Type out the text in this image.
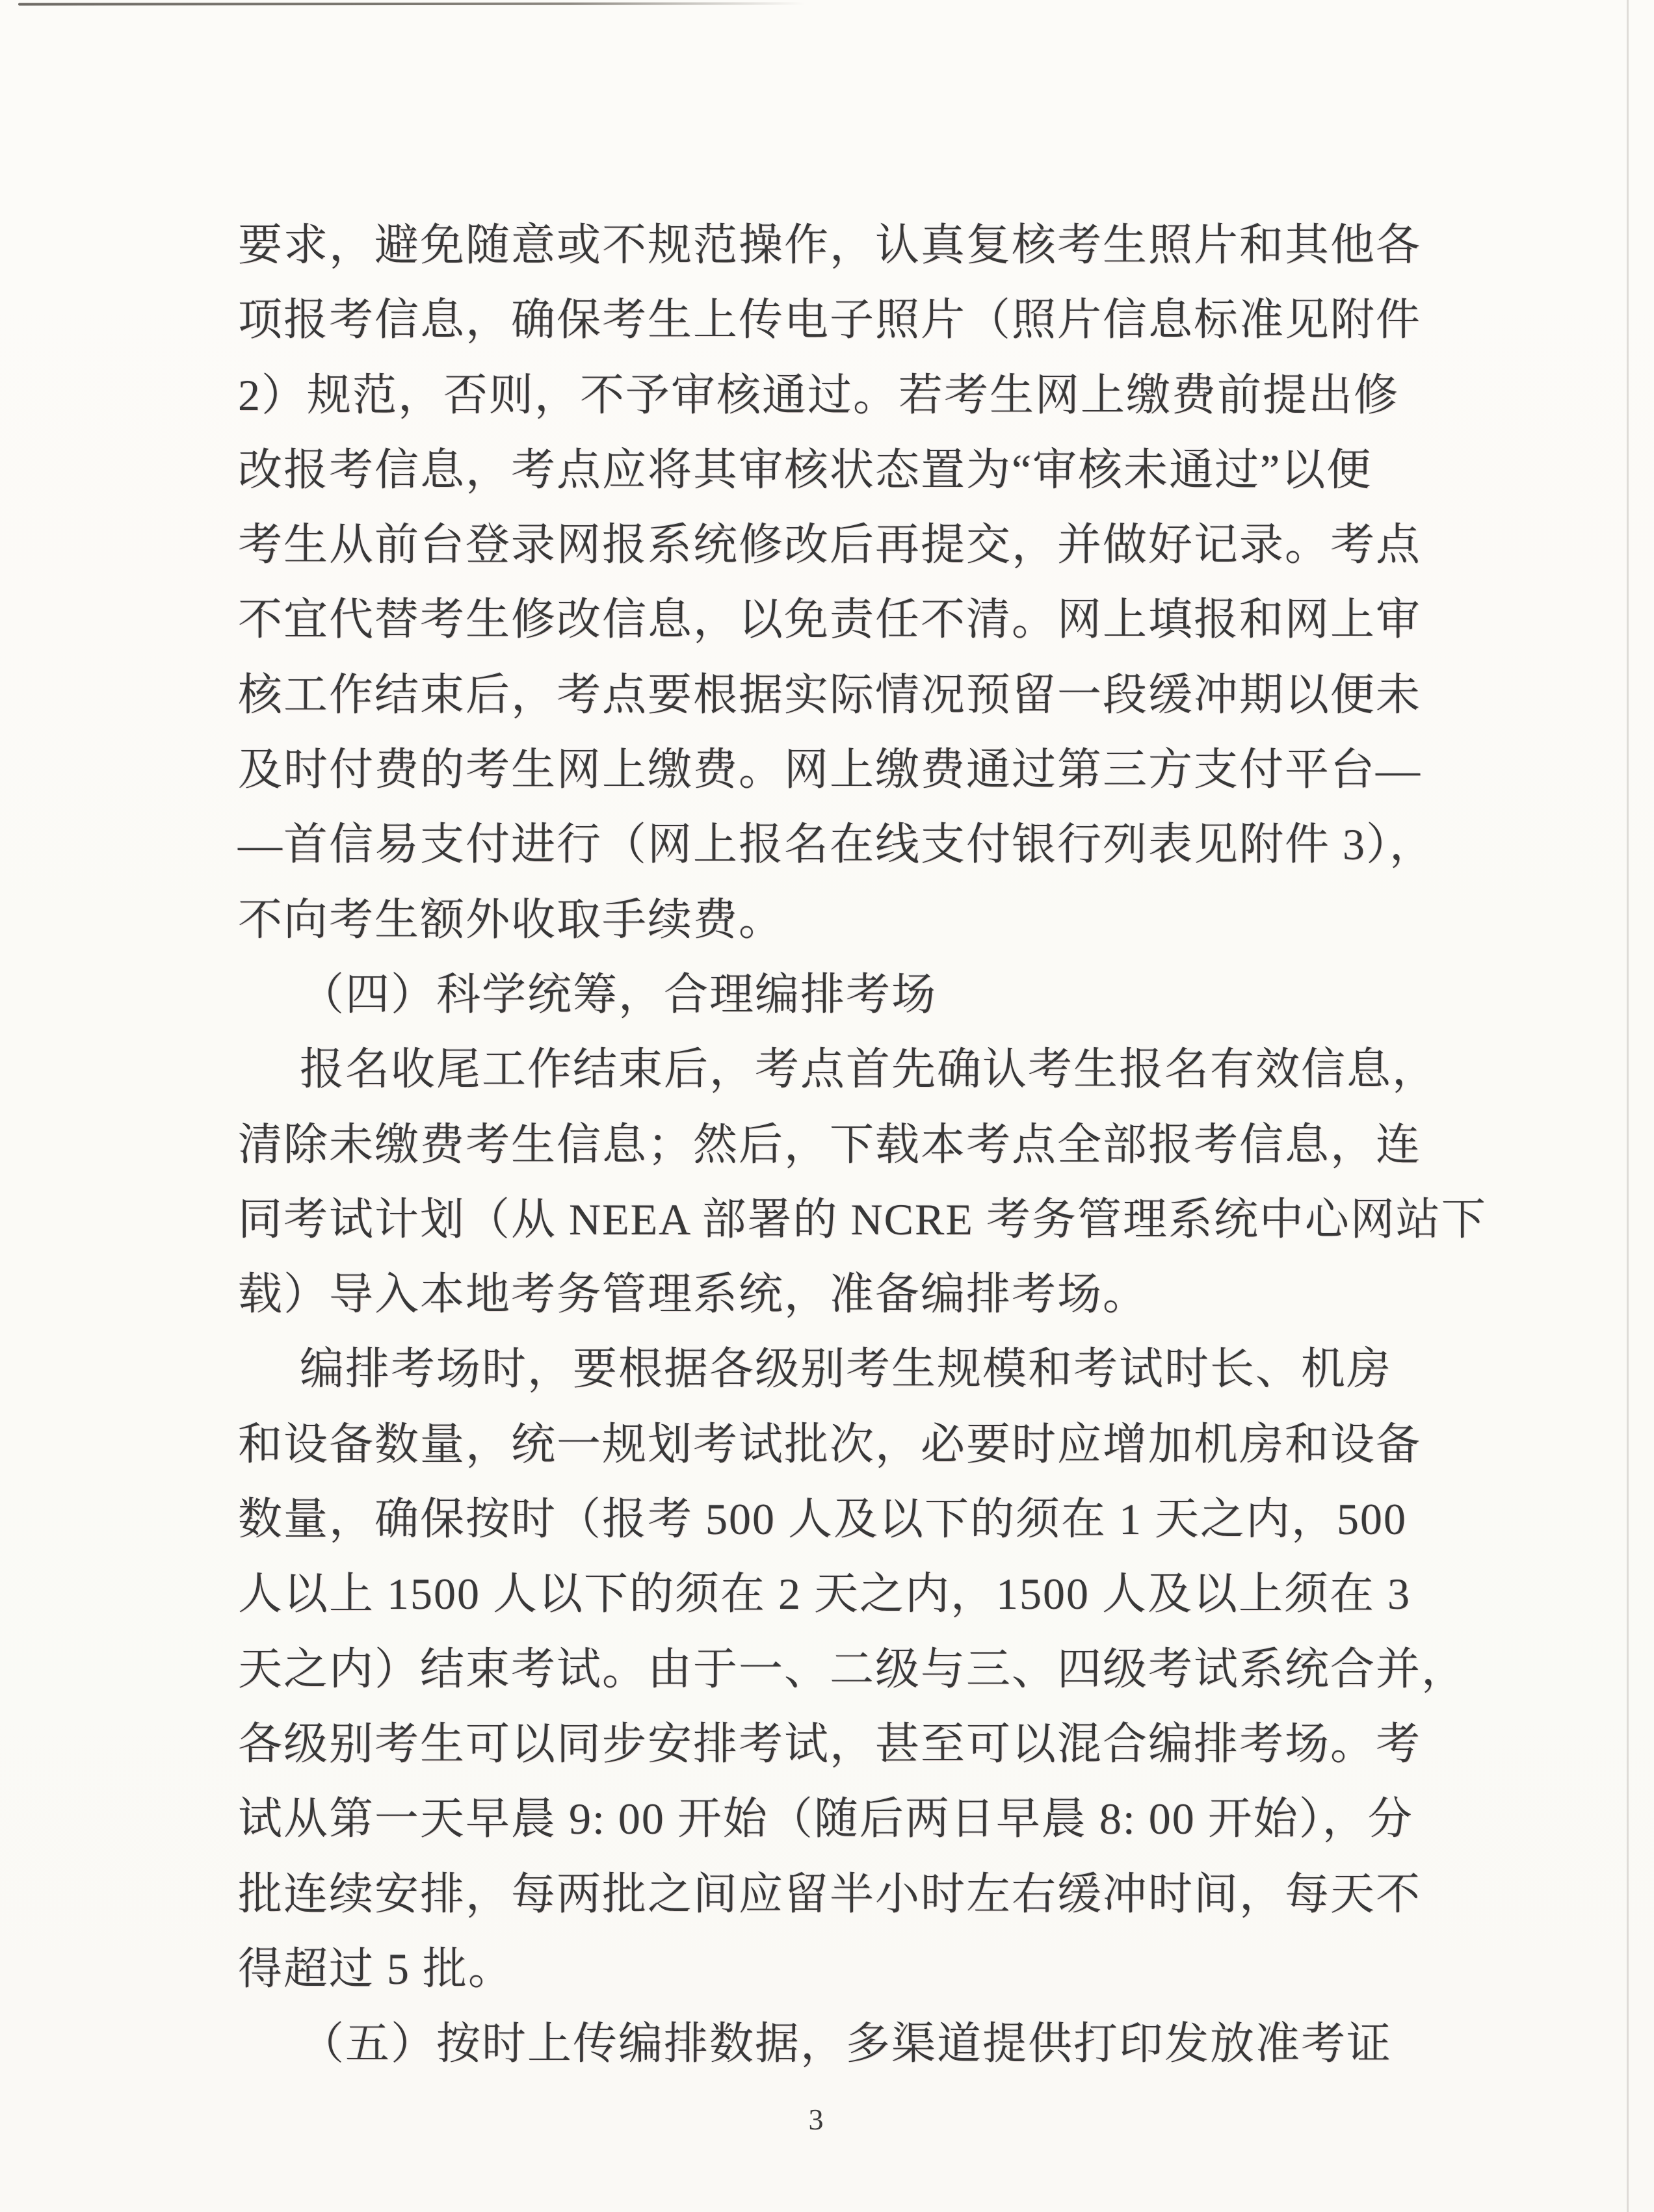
要求，避免随意或不规范操作，认真复核考生照片和其他各
项报考信息，确保考生上传电子照片（照片信息标准见附件
2）规范，否则，不予审核通过。若考生网上缴费前提出修
改报考信息，考点应将其审核状态置为“审核未通过”以便
考生从前台登录网报系统修改后再提交，并做好记录。考点
不宜代替考生修改信息，以免责任不清。网上填报和网上审
核工作结束后，考点要根据实际情况预留一段缓冲期以便未
及时付费的考生网上缴费。网上缴费通过第三方支付平台—
—首信易支付进行（网上报名在线支付银行列表见附件 3），
不向考生额外收取手续费。
（四）科学统筹，合理编排考场
报名收尾工作结束后，考点首先确认考生报名有效信息，
清除未缴费考生信息；然后，下载本考点全部报考信息，连
同考试计划（从 NEEA 部署的 NCRE 考务管理系统中心网站下
载）导入本地考务管理系统，准备编排考场。
编排考场时，要根据各级别考生规模和考试时长、机房
和设备数量，统一规划考试批次，必要时应增加机房和设备
数量，确保按时（报考 500 人及以下的须在 1 天之内，500
人以上 1500 人以下的须在 2 天之内，1500 人及以上须在 3
天之内）结束考试。由于一、二级与三、四级考试系统合并，
各级别考生可以同步安排考试，甚至可以混合编排考场。考
试从第一天早晨 9: 00 开始（随后两日早晨 8: 00 开始），分
批连续安排，每两批之间应留半小时左右缓冲时间，每天不
得超过 5 批。
（五）按时上传编排数据，多渠道提供打印发放准考证
3
